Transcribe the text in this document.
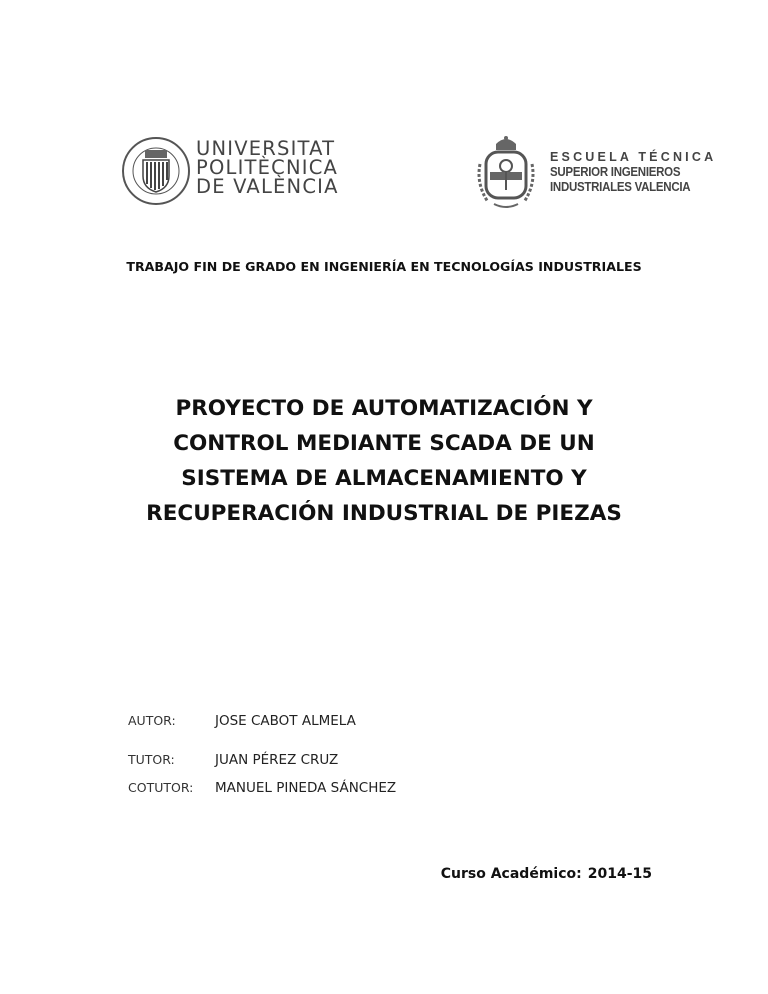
UNIVERSITAT
POLITÈCNICA
DE VALÈNCIA
ESCUELA TÉCNICA
SUPERIOR INGENIEROS
INDUSTRIALES VALENCIA
TRABAJO FIN DE GRADO EN INGENIERÍA EN TECNOLOGÍAS INDUSTRIALES
PROYECTO DE AUTOMATIZACIÓN Y
CONTROL MEDIANTE SCADA DE UN
SISTEMA DE ALMACENAMIENTO Y
RECUPERACIÓN INDUSTRIAL DE PIEZAS
AUTOR:	JOSE CABOT ALMELA
TUTOR:	JUAN PÉREZ CRUZ
COTUTOR: MANUEL PINEDA SÁNCHEZ
Curso Académico: 2014-15
